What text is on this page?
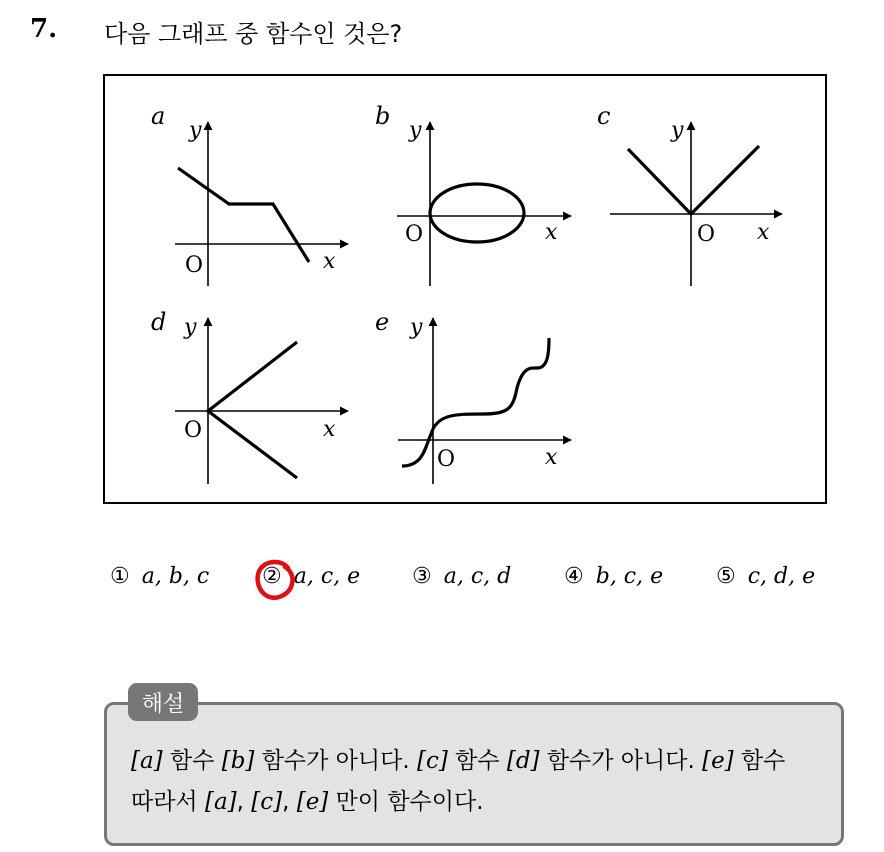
7. 다음 그래프 중 함수인 것은?
a
y
x
O
b
y
x
O
c
y
x
O
d y
x
O
e y
x
O
① a, b, c ② a, c, e ③ a, c, d ④ b, c, e ⑤ c, d, e
해설
[a] 함수 [b] 함수가 아니다. [c] 함수 [d] 함수가 아니다. [e] 함수
따라서 [a], [c], [e] 만이 함수이다.
